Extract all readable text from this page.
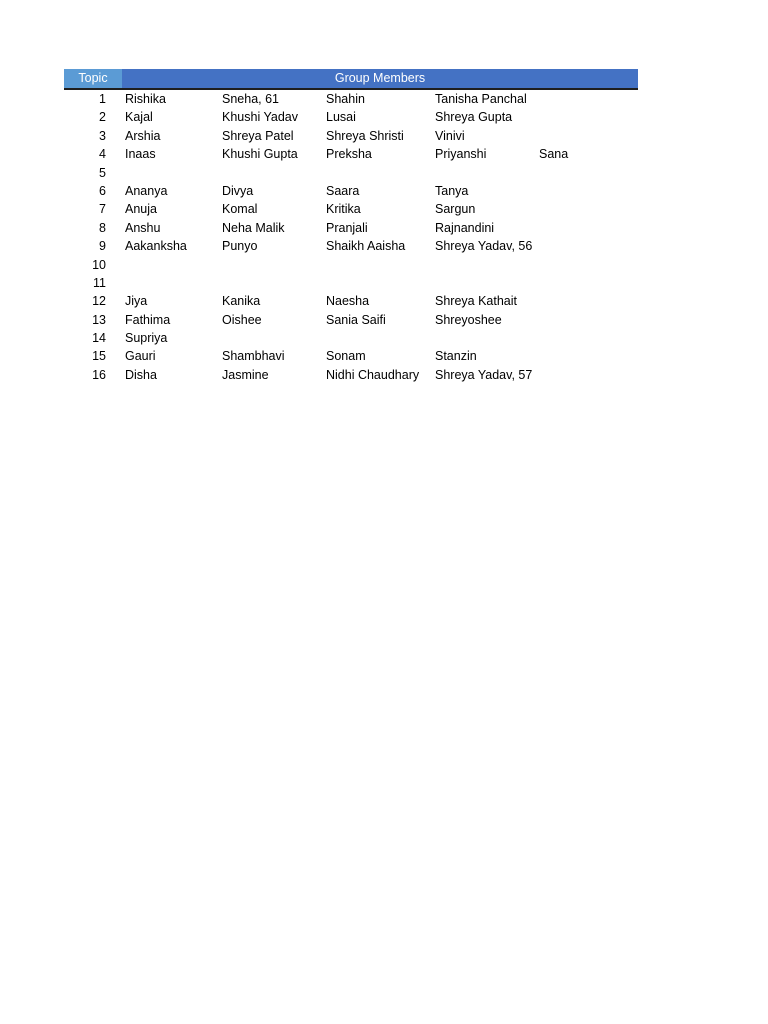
Topic	Group Members
1 Rishika	Sneha, 61	Shahin	Tanisha Panchal
2 Kajal	Khushi Yadav	Lusai	Shreya Gupta
3 Arshia	Shreya Patel	Shreya Shristi	Vinivi
4 Inaas	Khushi Gupta	Preksha	Priyanshi	Sana
5
6 Ananya	Divya	Saara	Tanya
7 Anuja	Komal	Kritika	Sargun
8 Anshu	Neha Malik	Pranjali	Rajnandini
9 Aakanksha	Punyo	Shaikh Aaisha	Shreya Yadav, 56
10
11
12 Jiya	Kanika	Naesha	Shreya Kathait
13 Fathima	Oishee	Sania Saifi	Shreyoshee
14 Supriya
15 Gauri	Shambhavi	Sonam	Stanzin
16 Disha	Jasmine	Nidhi Chaudhary	Shreya Yadav, 57
